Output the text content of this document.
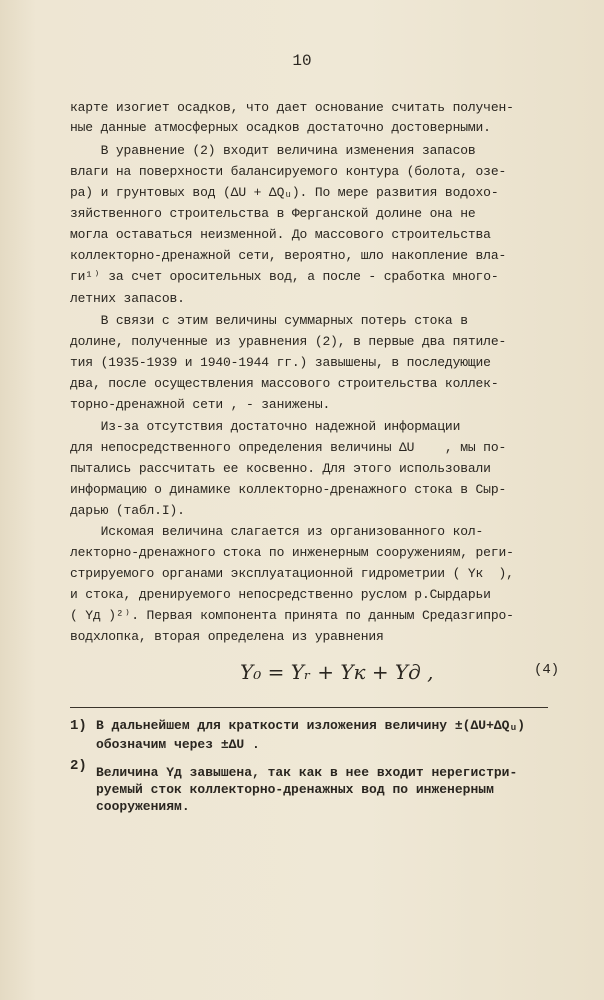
10
карте изогиет осадков, что дает основание считать получен-
ные данные атмосферных осадков достаточно достоверными.
В уравнение (2) входит величина изменения запасов
влаги на поверхности балансируемого контура (болота, озе-
ра) и грунтовых вод (ΔU + ΔQᵤ). По мере развития водохо-
зяйственного строительства в Ферганской долине она не
могла оставаться неизменной. До массового строительства
коллекторно-дренажной сети, вероятно, шло накопление вла-
ги¹⁾ за счет оросительных вод, а после - сработка много-
летних запасов.
В связи с этим величины суммарных потерь стока в
долине, полученные из уравнения (2), в первые два пятиле-
тия (1935-1939 и 1940-1944 гг.) завышены, в последующие
два, после осуществления массового строительства коллек-
торно-дренажной сети , - занижены.
Из-за отсутствия достаточно надежной информации
для непосредственного определения величины ΔU    , мы по-
пытались рассчитать ее косвенно. Для этого использовали
информацию о динамике коллекторно-дренажного стока в Сыр-
дарью (табл.I).
Искомая величина слагается из организованного кол-
лекторно-дренажного стока по инженерным сооружениям, реги-
стрируемого органами эксплуатационной гидрометрии ( Yк  ),
и стока, дренируемого непосредственно руслом р.Сырдарьи
( Yд )²⁾. Первая компонента принята по данным Средазгипро-
водхлопка, вторая определена из уравнения
Y₀ = Yᵣ + Yк + Yд ,	(4)
1) В дальнейшем для краткости изложения величину ±(ΔU+ΔQᵤ)
обозначим через ±ΔU .
2) Величина Yд завышена, так как в нее входит нерегистри-
руемый сток коллекторно-дренажных вод по инженерным
сооружениям.
